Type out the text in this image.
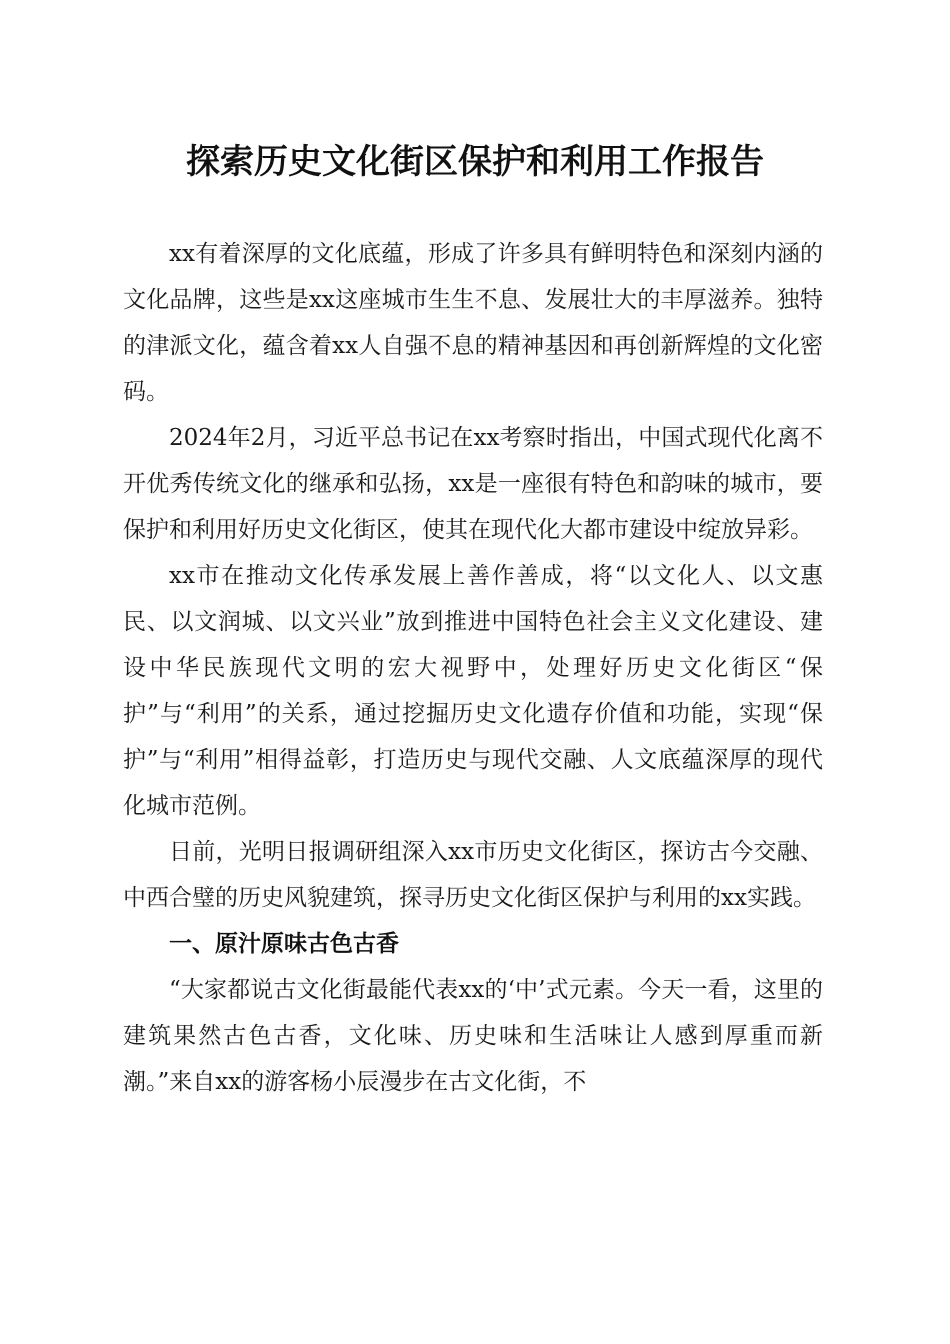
探索历史文化街区保护和利用工作报告

xx有着深厚的文化底蕴，形成了许多具有鲜明特色和深刻内涵的文化品牌，这些是xx这座城市生生不息、发展壮大的丰厚滋养。独特的津派文化，蕴含着xx人自强不息的精神基因和再创新辉煌的文化密码。

2024年2月，习近平总书记在xx考察时指出，中国式现代化离不开优秀传统文化的继承和弘扬，xx是一座很有特色和韵味的城市，要保护和利用好历史文化街区，使其在现代化大都市建设中绽放异彩。

xx市在推动文化传承发展上善作善成，将“以文化人、以文惠民、以文润城、以文兴业”放到推进中国特色社会主义文化建设、建设中华民族现代文明的宏大视野中，处理好历史文化街区“保护”与“利用”的关系，通过挖掘历史文化遗存价值和功能，实现“保护”与“利用”相得益彰，打造历史与现代交融、人文底蕴深厚的现代化城市范例。

日前，光明日报调研组深入xx市历史文化街区，探访古今交融、中西合璧的历史风貌建筑，探寻历史文化街区保护与利用的xx实践。

一、原汁原味古色古香

“大家都说古文化街最能代表xx的‘中’式元素。今天一看，这里的建筑果然古色古香，文化味、历史味和生活味让人感到厚重而新潮。”来自xx的游客杨小辰漫步在古文化街，不
